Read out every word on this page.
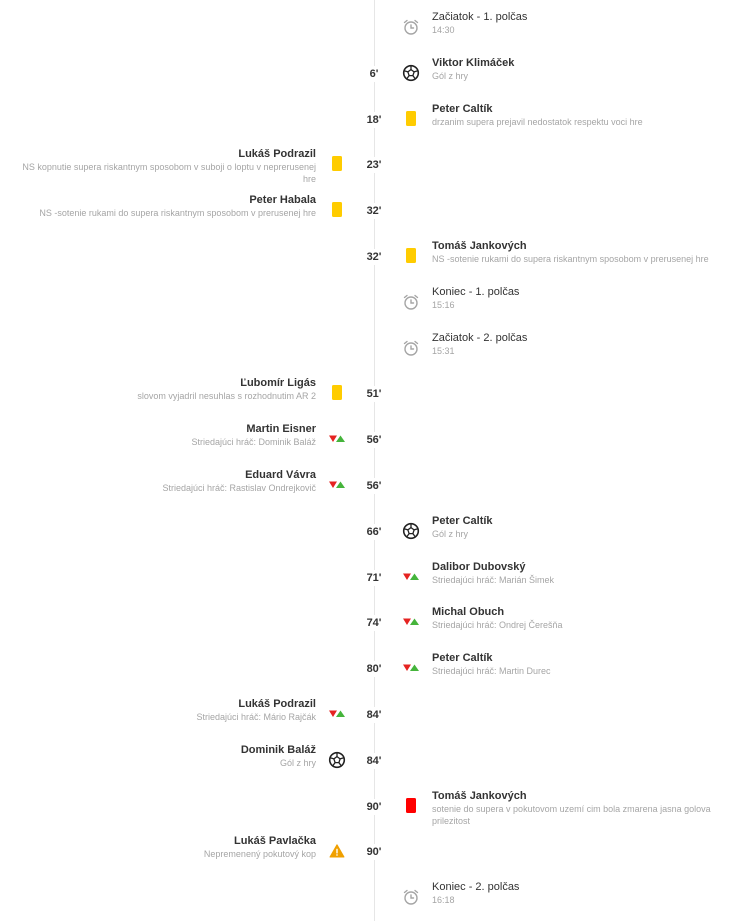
Začiatok - 1. polčas
14:30
6'
Viktor Klimáček
Gól z hry
18'
Peter Caltík
drzanim supera prejavil nedostatok respektu voci hre
23'
Lukáš Podrazil
NS kopnutie supera riskantnym sposobom v suboji o loptu v neprerusenej hre
32'
Peter Habala
NS -sotenie rukami do supera riskantnym sposobom v prerusenej hre
32'
Tomáš Jankových
NS -sotenie rukami do supera riskantnym sposobom v prerusenej hre
Koniec - 1. polčas
15:16
Začiatok - 2. polčas
15:31
51'
Ľubomír Ligás
slovom vyjadril nesuhlas s rozhodnutim AR 2
56'
Martin Eisner
Striedajúci hráč: Dominik Baláž
56'
Eduard Vávra
Striedajúci hráč: Rastislav Ondrejkovič
66'
Peter Caltík
Gól z hry
71'
Dalibor Dubovský
Striedajúci hráč: Marián Šimek
74'
Michal Obuch
Striedajúci hráč: Ondrej Čerešňa
80'
Peter Caltík
Striedajúci hráč: Martin Durec
84'
Lukáš Podrazil
Striedajúci hráč: Mário Rajčák
84'
Dominik Baláž
Gól z hry
90'
Tomáš Jankových
sotenie do supera v pokutovom uzemí cim bola zmarena jasna golova prilezitost
90'
Lukáš Pavlačka
Nepremenený pokutový kop
Koniec - 2. polčas
16:18
